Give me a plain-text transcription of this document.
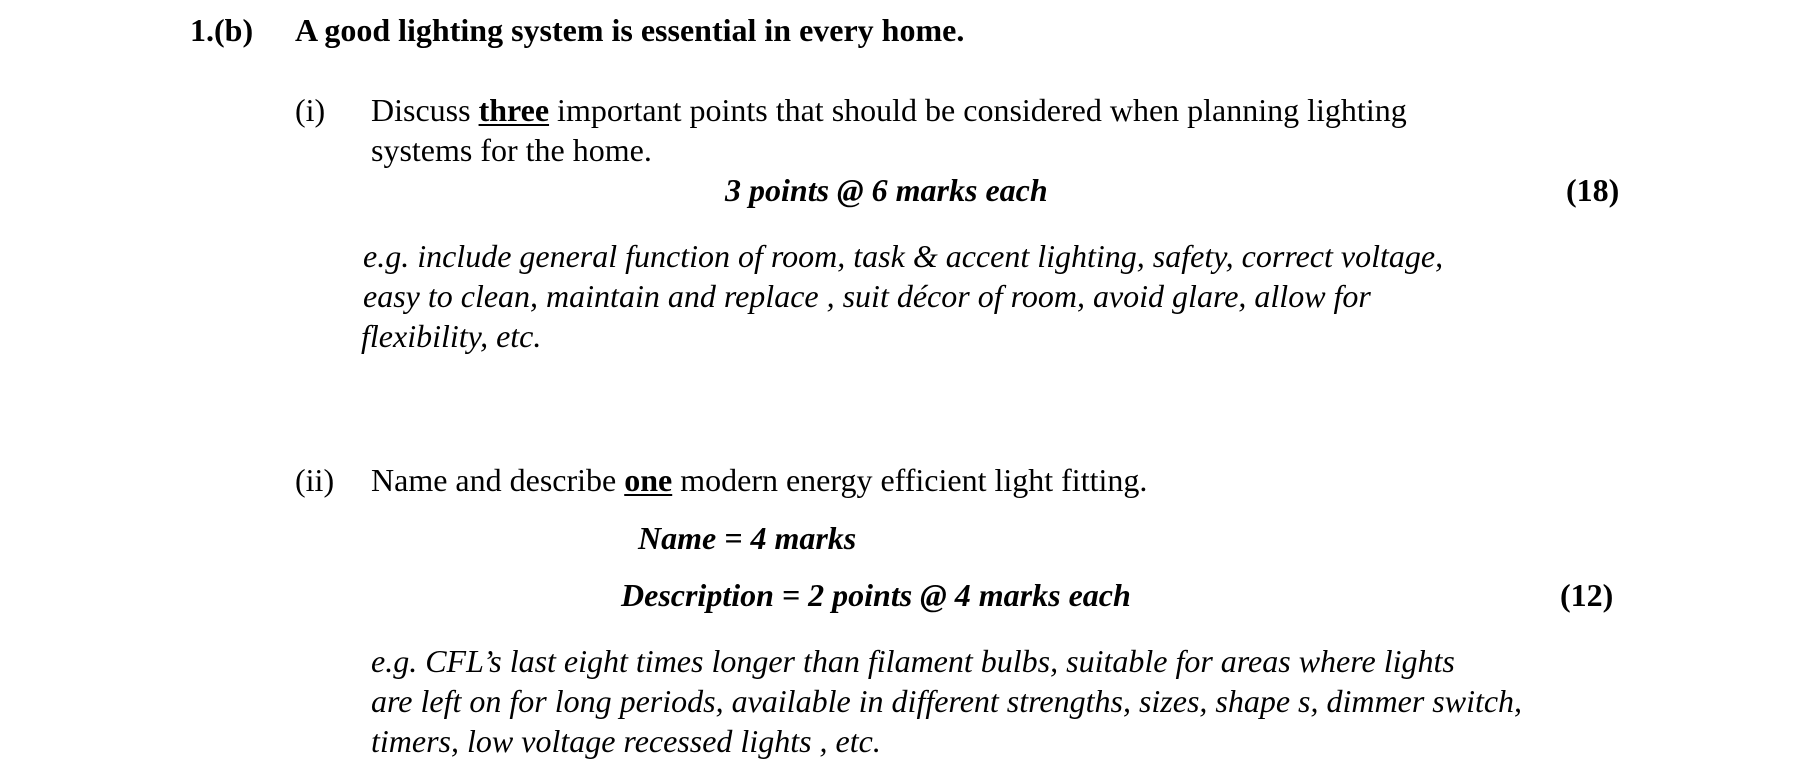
1.(b) A good lighting system is essential in every home.
(i) Discuss three important points that should be considered when planning lighting
systems for the home.
3 points @ 6 marks each	(18)
e.g. include general function of room, task & accent lighting, safety, correct voltage,
easy to clean, maintain and replace , suit décor of room, avoid glare, allow for
flexibility, etc.
(ii) Name and describe one modern energy efficient light fitting.
Name = 4 marks
Description = 2 points @ 4 marks each	(12)
e.g. CFL’s last eight times longer than filament bulbs, suitable for areas where lights
are left on for long periods, available in different strengths, sizes, shape s, dimmer switch,
timers, low voltage recessed lights , etc.
